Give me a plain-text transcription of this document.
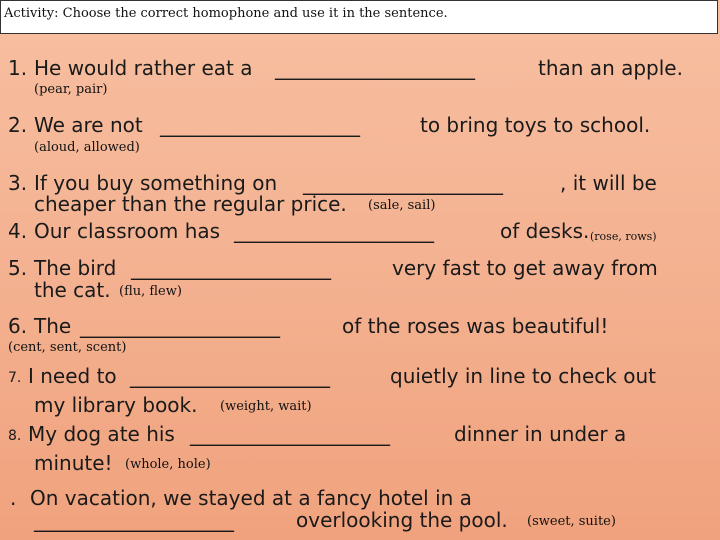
Activity: Choose the correct homophone and use it in the sentence.
1. He would rather eat a ____________________	than an apple.
(pear, pair)
2. We are not ____________________	to bring toys to school.
(aloud, allowed)
3. If you buy something on ____________________	, it will be
cheaper than the regular price. (sale, sail)
4. Our classroom has ____________________	of desks. (rose, rows)
5. The bird ____________________	very fast to get away from
the cat. (flu, flew)
6. The ____________________	of the roses was beautiful!
(cent, sent, scent)
7. I need to ____________________	quietly in line to check out
my library book. (weight, wait)
8. My dog ate his ____________________	dinner in under a
minute! (whole, hole)
. On vacation, we stayed at a fancy hotel in a
____________________	overlooking the pool. (sweet, suite)
